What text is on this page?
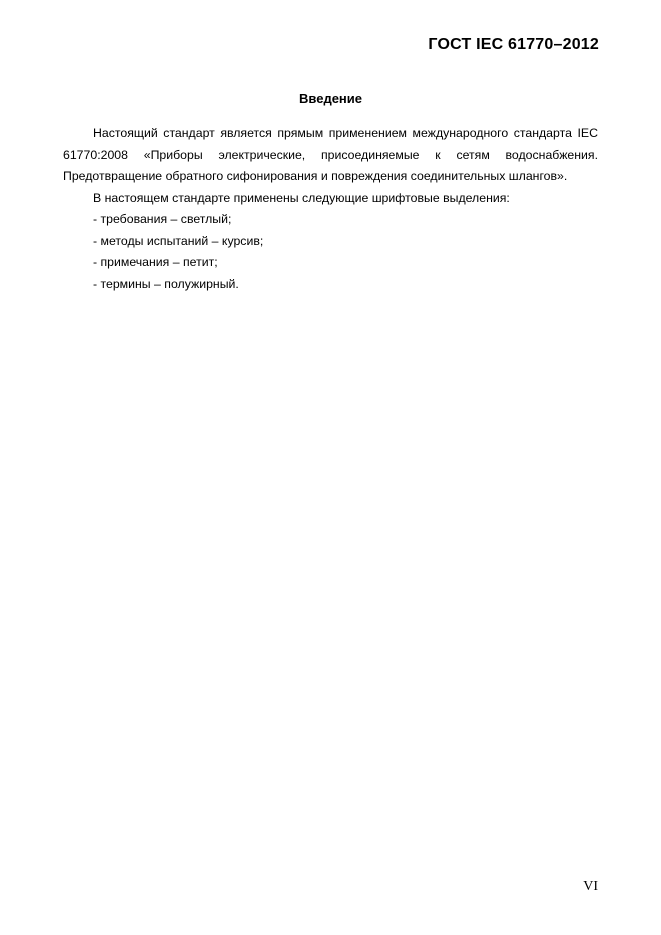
ГОСТ IEC 61770–2012
Введение

Настоящий стандарт является прямым применением международного стандарта IEC 61770:2008 «Приборы электрические, присоединяемые к сетям водоснабжения. Предотвращение обратного сифонирования и повреждения соединительных шлангов».

В настоящем стандарте применены следующие шрифтовые выделения:

- требования – светлый;

- методы испытаний – курсив;

- примечания – петит;

- термины – полужирный.

VI
